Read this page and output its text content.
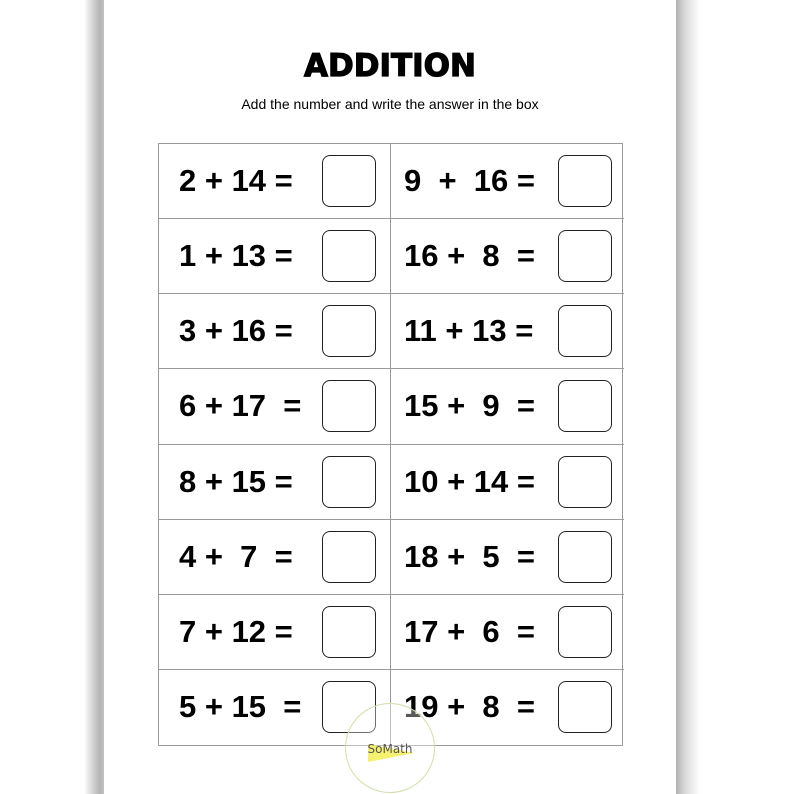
ADDITION
Add the number and write the answer in the box
2 + 14 =	9  +  16 =
1 + 13 =	16 +  8  =
3 + 16 =	11 + 13 =
6 + 17  =	15 +  9  =
8 + 15 =	10 + 14 =
4 +  7  =	18 +  5  =
7 + 12 =	17 +  6  =
5 + 15  =	19 +  8  =
SoMath
